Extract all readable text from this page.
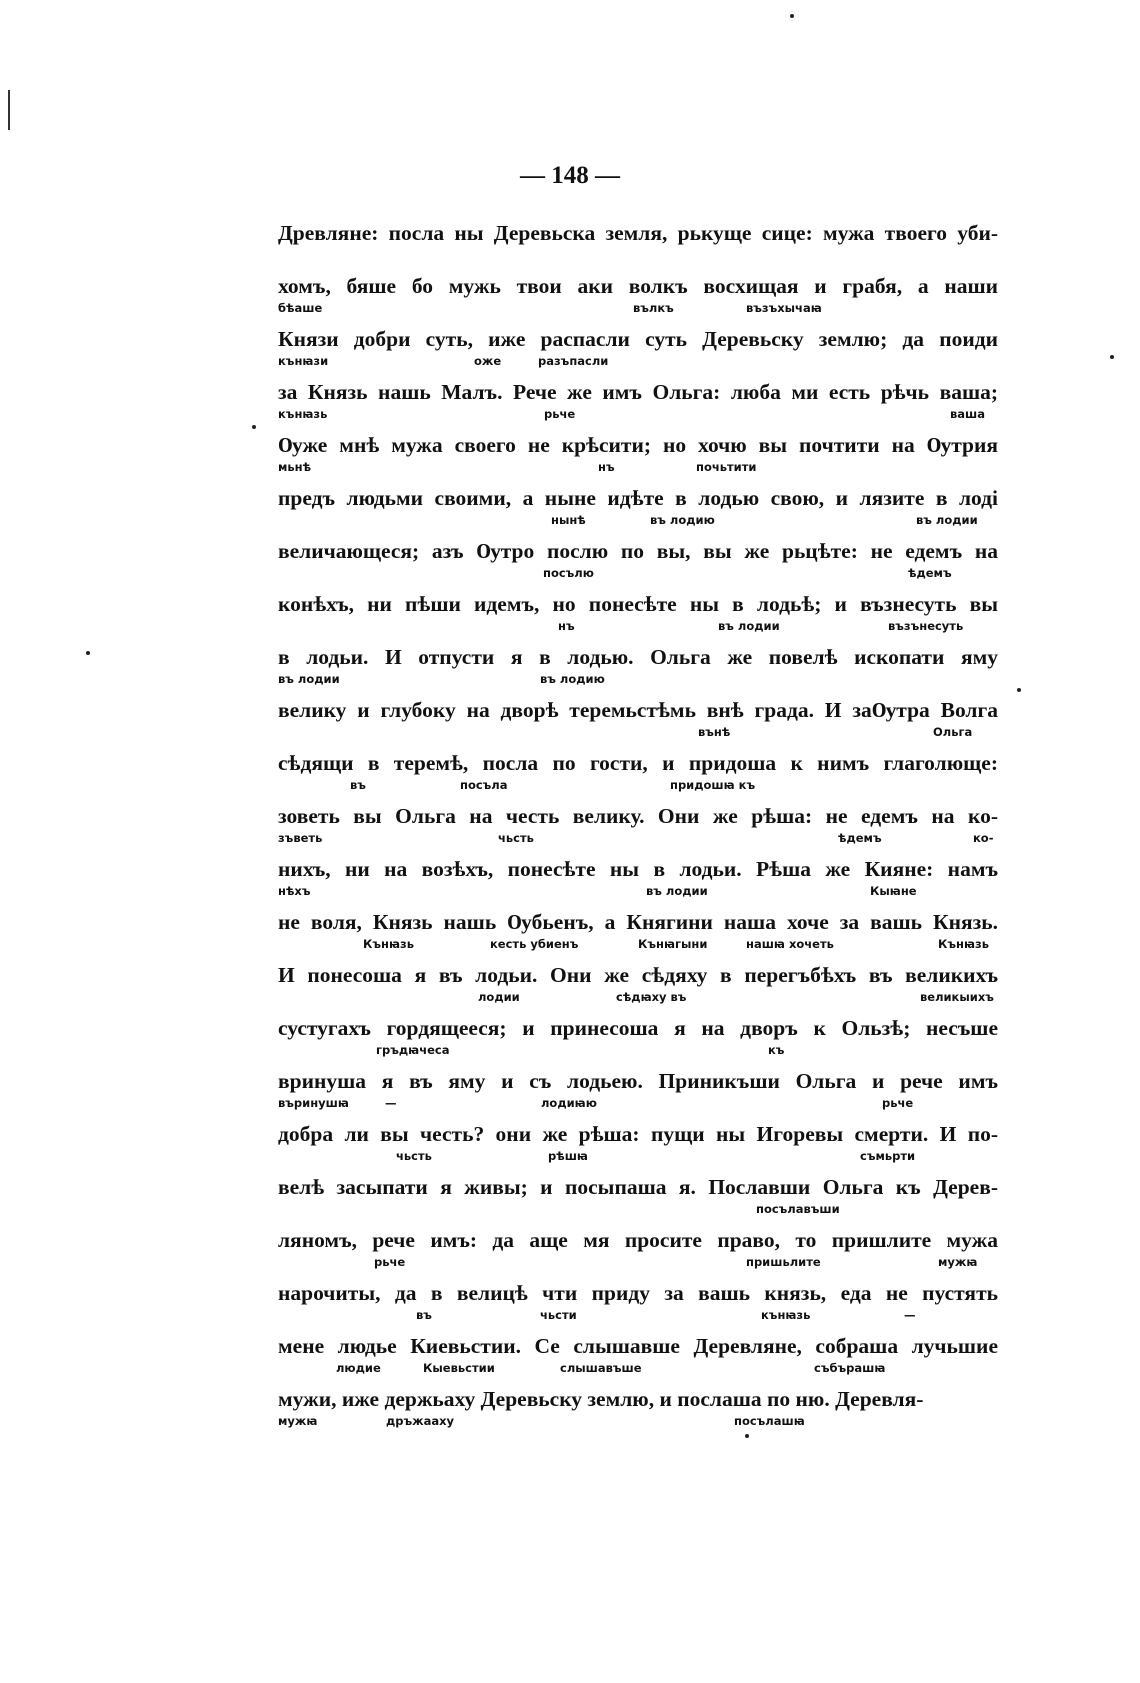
— 148 —
Древляне: посла ны Деревьска земля, рькуще сице: мужа твоего уби-
хомъ, бяше бо мужь твои аки волкъ восхищая и грабя, а наши
бѣаше	вълкъ	възъхычаꙗ
Князи добри суть, иже распасли суть Деревьску землю; да поиди
кънꙗзи	оже	разъпасли
за Князь нашь Малъ. Рече же имъ Ольга: люба ми есть рѣчь ваша;
кънꙗзь	рьче	ваша
Ѹже мнѣ мужа своего не крѣсити; но хочю вы почтити на Ѹтрия
мьнѣ	нъ	почьтити
предъ людьми своими, а ныне идѣте в лодью свою, и лязите в лоді
нынѣ	въ лодию	въ лодии
величающеся; азъ Ѹтро послю по вы, вы же рьцѣте: не едемъ на
посълю	ѣдемъ
конѣхъ, ни пѣши идемъ, но понесѣте ны в лодьѣ; и възнесуть вы
нъ	въ лодии	възънесуть
в лодьи. И отпусти я в лодью. Ольга же повелѣ ископати яму
въ лодии	въ лодию
велику и глубоку на дворѣ теремьстѣмь внѣ града. И заѸтра Волга
вънѣ	Ольга
сѣдящи в теремѣ, посла по гости, и придоша к нимъ глаголюще:
въ	посъла	придошꙗ къ
зоветь вы Ольга на честь велику. Они же рѣша: не едемъ на ко-
зъветь	чьсть	ѣдемъ	ко-
нихъ, ни на возѣхъ, понесѣте ны в лодьи. Рѣша же Кияне: намъ
нѣхъ	въ лодии	Кыꙗне
не воля, Князь нашь Ѹбьенъ, а Княгини наша хоче за вашь Князь.
Кънꙗзь	кесть убиенъ	Кънꙗгыни	нашꙗ хочеть	Кънꙗзь
И понесоша я въ лодьи. Они же сѣдяху в перегъбѣхъ въ великихъ
лодии	сѣдꙗху въ	великыихъ
сустугахъ гордящееся; и принесоша я на дворъ к Ользѣ; несъше
гръдꙗчеса	къ
вринуша я въ яму и съ лодьею. Приникъши Ольга и рече имъ
въринушꙗ	—	лодиꙗю	рьче
добра ли вы честь? они же рѣша: пущи ны Игоревы смерти. И по-
чьсть	рѣшꙗ	съмьрти
велѣ засыпати я живы; и посыпаша я. Пославши Ольга къ Дерев-
посълавъши
ляномъ, рече имъ: да аще мя просите право, то пришлите мужа
рьче	пришьлите	мужꙗ
нарочиты, да в велицѣ чти приду за вашь князь, еда не пустять
въ	чьсти	кънꙗзь	—
мене людье Киевьстии. Се слышавше Деревляне, собраша лучьшие
людие	Кыевьстии	слышавъше	събърашꙗ
мужи, иже держьаху Деревьску землю, и послаша по ню. Деревля-
мужꙗ	дръжааху	посълашꙗ
